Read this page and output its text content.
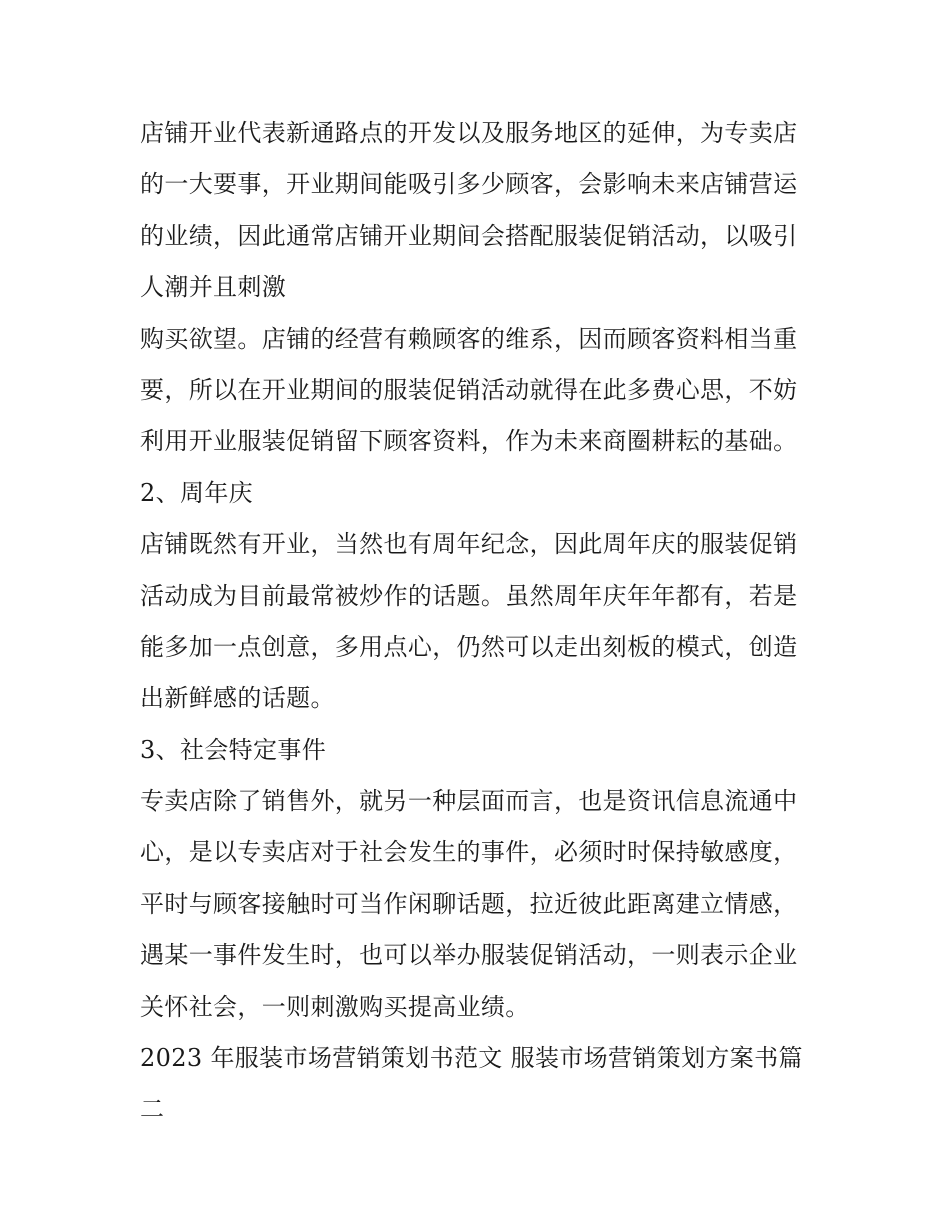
店铺开业代表新通路点的开发以及服务地区的延伸，为专卖店
的一大要事，开业期间能吸引多少顾客，会影响未来店铺营运
的业绩，因此通常店铺开业期间会搭配服装促销活动，以吸引
人潮并且刺激
购买欲望。店铺的经营有赖顾客的维系，因而顾客资料相当重
要，所以在开业期间的服装促销活动就得在此多费心思，不妨
利用开业服装促销留下顾客资料，作为未来商圈耕耘的基础。
2、周年庆
店铺既然有开业，当然也有周年纪念，因此周年庆的服装促销
活动成为目前最常被炒作的话题。虽然周年庆年年都有，若是
能多加一点创意，多用点心，仍然可以走出刻板的模式，创造
出新鲜感的话题。
3、社会特定事件
专卖店除了销售外，就另一种层面而言，也是资讯信息流通中
心，是以专卖店对于社会发生的事件，必须时时保持敏感度，
平时与顾客接触时可当作闲聊话题，拉近彼此距离建立情感，
遇某一事件发生时，也可以举办服装促销活动，一则表示企业
关怀社会，一则刺激购买提高业绩。
2023 年服装市场营销策划书范文 服装市场营销策划方案书篇
二
